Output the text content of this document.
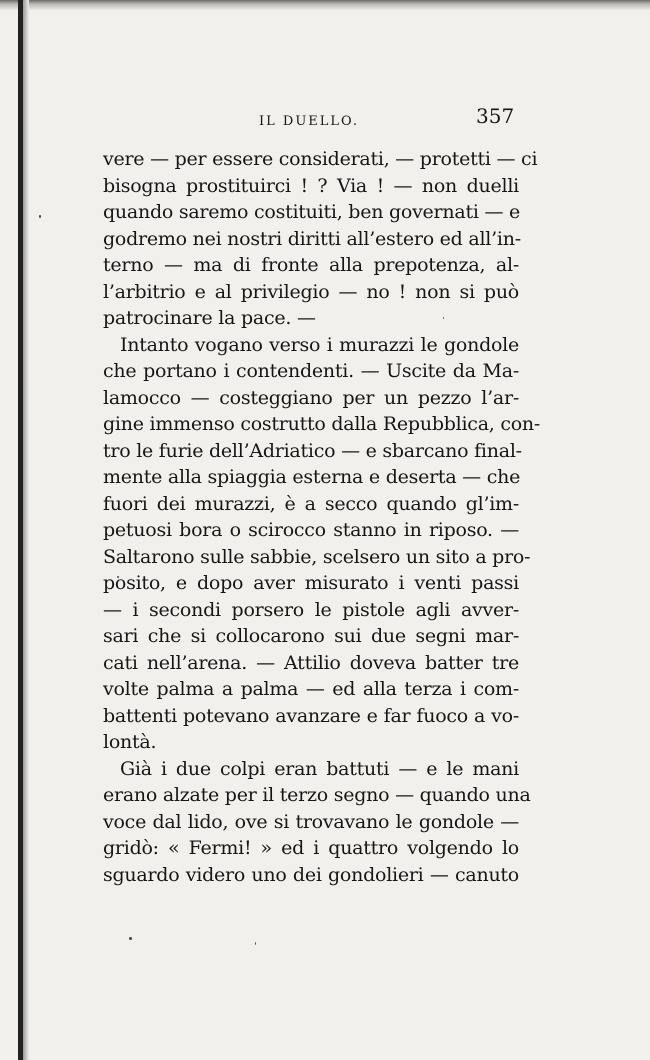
IL DUELLO.	357
vere — per essere considerati, — protetti — ci
bisogna prostituirci ! ? Via ! — non duelli
quando saremo costituiti, ben governati — e
godremo nei nostri diritti all’estero ed all’in-
terno — ma di fronte alla prepotenza, al-
l’arbitrio e al privilegio — no ! non si può
patrocinare la pace. —
Intanto vogano verso i murazzi le gondole
che portano i contendenti. — Uscite da Ma-
lamocco — costeggiano per un pezzo l’ar-
gine immenso costrutto dalla Repubblica, con-
tro le furie dell’Adriatico — e sbarcano final-
mente alla spiaggia esterna e deserta — che
fuori dei murazzi, è a secco quando gl’im-
petuosi bora o scirocco stanno in riposo. —
Saltarono sulle sabbie, scelsero un sito a pro-
posito, e dopo aver misurato i venti passi
— i secondi porsero le pistole agli avver-
sari che si collocarono sui due segni mar-
cati nell’arena. — Attilio doveva batter tre
volte palma a palma — ed alla terza i com-
battenti potevano avanzare e far fuoco a vo-
lontà.
Già i due colpi eran battuti — e le mani
erano alzate per il terzo segno — quando una
voce dal lido, ove si trovavano le gondole —
gridò: « Fermi! » ed i quattro volgendo lo
sguardo videro uno dei gondolieri — canuto
